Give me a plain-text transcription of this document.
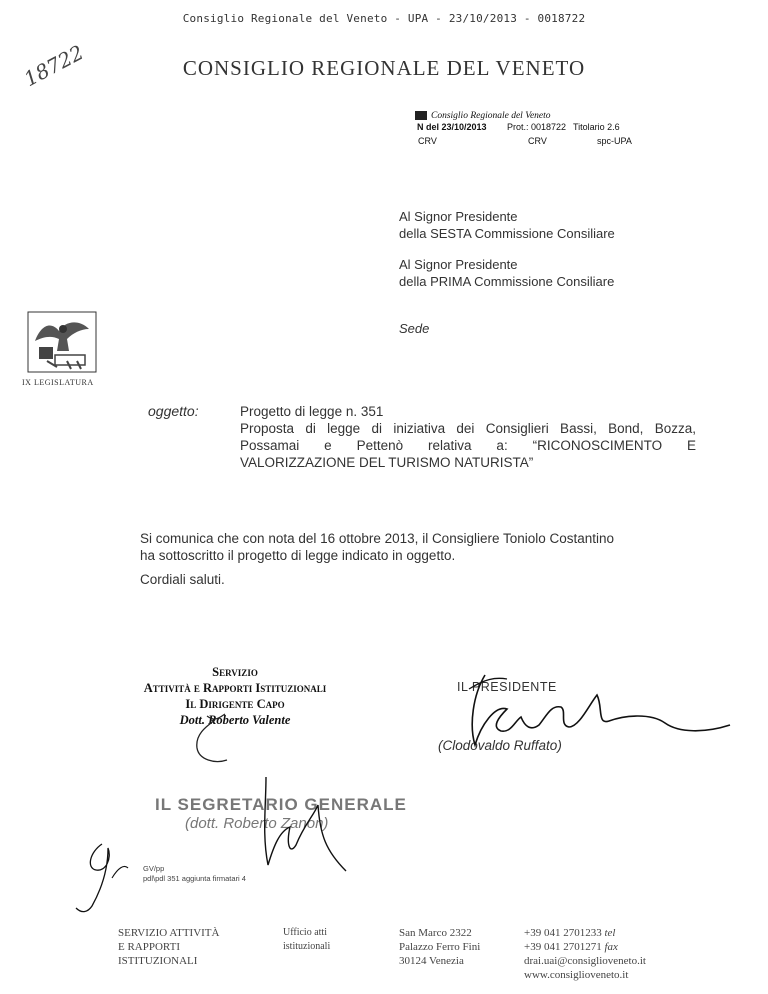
Consiglio Regionale del Veneto - UPA - 23/10/2013 - 0018722
CONSIGLIO REGIONALE DEL VENETO
18722
Consiglio Regionale del Veneto
N del 23/10/2013 Prot.: 0018722 Titolario 2.6
CRV	CRV	spc-UPA
Al Signor Presidente
della SESTA Commissione Consiliare
Al Signor Presidente
della PRIMA Commissione Consiliare
Sede
IX LEGISLATURA
oggetto:	Progetto di legge n. 351
Proposta di legge di iniziativa dei Consiglieri Bassi, Bond, Bozza,
Possamai e Pettenò relativa a: “RICONOSCIMENTO E
VALORIZZAZIONE DEL TURISMO NATURISTA”
Si comunica che con nota del 16 ottobre 2013, il Consigliere Toniolo Costantino
ha sottoscritto il progetto di legge indicato in oggetto.
Cordiali saluti.
Servizio
Attività e Rapporti Istituzionali
Il Dirigente Capo
Dott. Roberto Valente
IL PRESIDENTE
(Clodovaldo Ruffato)
IL SEGRETARIO GENERALE
(dott. Roberto Zanon)
GV/pp
pdl\pdl 351 aggiunta firmatari 4
SERVIZIO ATTIVITÀ
E RAPPORTI
ISTITUZIONALI
Ufficio atti
istituzionali
San Marco 2322
Palazzo Ferro Fini
30124 Venezia
+39 041 2701233 tel
+39 041 2701271 fax
drai.uai@consiglioveneto.it
www.consiglioveneto.it
